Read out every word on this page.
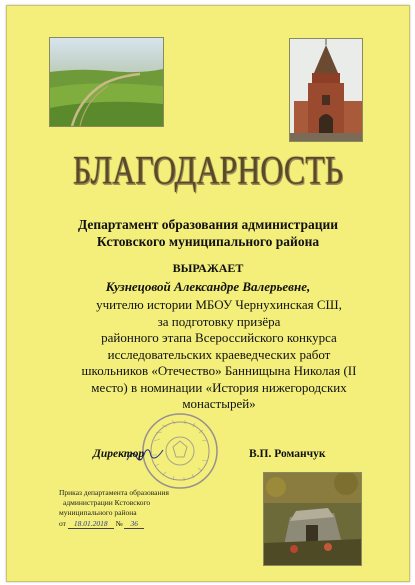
БЛАГОДАРНОСТЬ
Департамент образования администрации
Кстовского муниципального района
ВЫРАЖАЕТ
Кузнецовой Александре Валерьевне,
учителю истории МБОУ Чернухинская СШ,
за подготовку призёра
районного этапа Всероссийского конкурса
исследовательских краеведческих работ
школьников «Отечество» Баннищына Николая (II
место) в номинации «История нижегородских
монастырей»
Директор	В.П. Романчук
Приказ департамента образования
администрации Кстовского
муниципального района
от 18.01.2018 № 36
